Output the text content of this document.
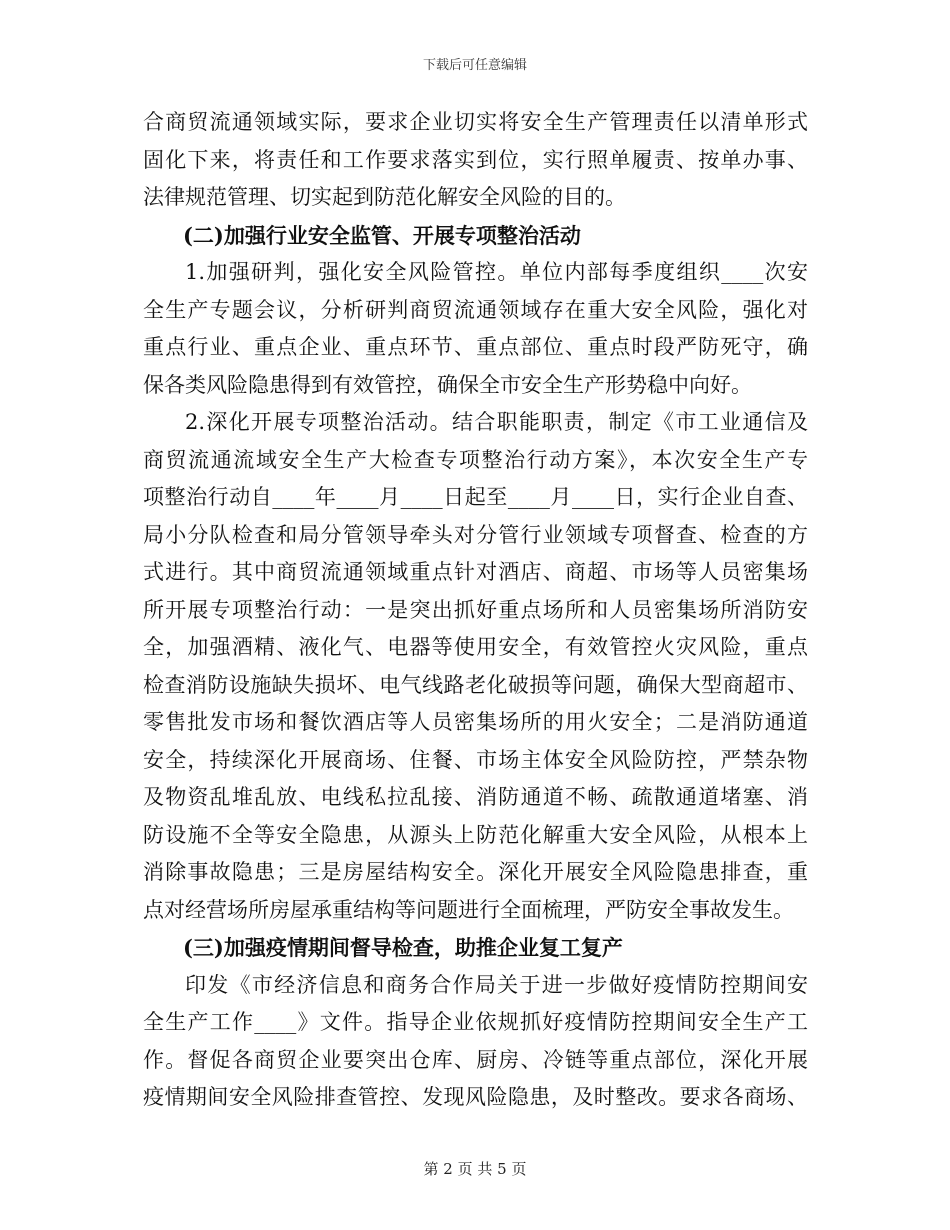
下载后可任意编辑
合商贸流通领域实际，要求企业切实将安全生产管理责任以清单形式
固化下来，将责任和工作要求落实到位，实行照单履责、按单办事、
法律规范管理、切实起到防范化解安全风险的目的。
(二)加强行业安全监管、开展专项整治活动
1.加强研判，强化安全风险管控。单位内部每季度组织____次安
全生产专题会议，分析研判商贸流通领域存在重大安全风险，强化对
重点行业、重点企业、重点环节、重点部位、重点时段严防死守，确
保各类风险隐患得到有效管控，确保全市安全生产形势稳中向好。
2.深化开展专项整治活动。结合职能职责，制定《市工业通信及
商贸流通流域安全生产大检查专项整治行动方案》，本次安全生产专
项整治行动自____年____月____日起至____月____日，实行企业自查、
局小分队检查和局分管领导牵头对分管行业领域专项督查、检查的方
式进行。其中商贸流通领域重点针对酒店、商超、市场等人员密集场
所开展专项整治行动：一是突出抓好重点场所和人员密集场所消防安
全，加强酒精、液化气、电器等使用安全，有效管控火灾风险，重点
检查消防设施缺失损坏、电气线路老化破损等问题，确保大型商超市、
零售批发市场和餐饮酒店等人员密集场所的用火安全；二是消防通道
安全，持续深化开展商场、住餐、市场主体安全风险防控，严禁杂物
及物资乱堆乱放、电线私拉乱接、消防通道不畅、疏散通道堵塞、消
防设施不全等安全隐患，从源头上防范化解重大安全风险，从根本上
消除事故隐患；三是房屋结构安全。深化开展安全风险隐患排查，重
点对经营场所房屋承重结构等问题进行全面梳理，严防安全事故发生。
(三)加强疫情期间督导检查，助推企业复工复产
印发《市经济信息和商务合作局关于进一步做好疫情防控期间安
全生产工作____》文件。指导企业依规抓好疫情防控期间安全生产工
作。督促各商贸企业要突出仓库、厨房、冷链等重点部位，深化开展
疫情期间安全风险排查管控、发现风险隐患，及时整改。要求各商场、
第 2 页 共 5 页
